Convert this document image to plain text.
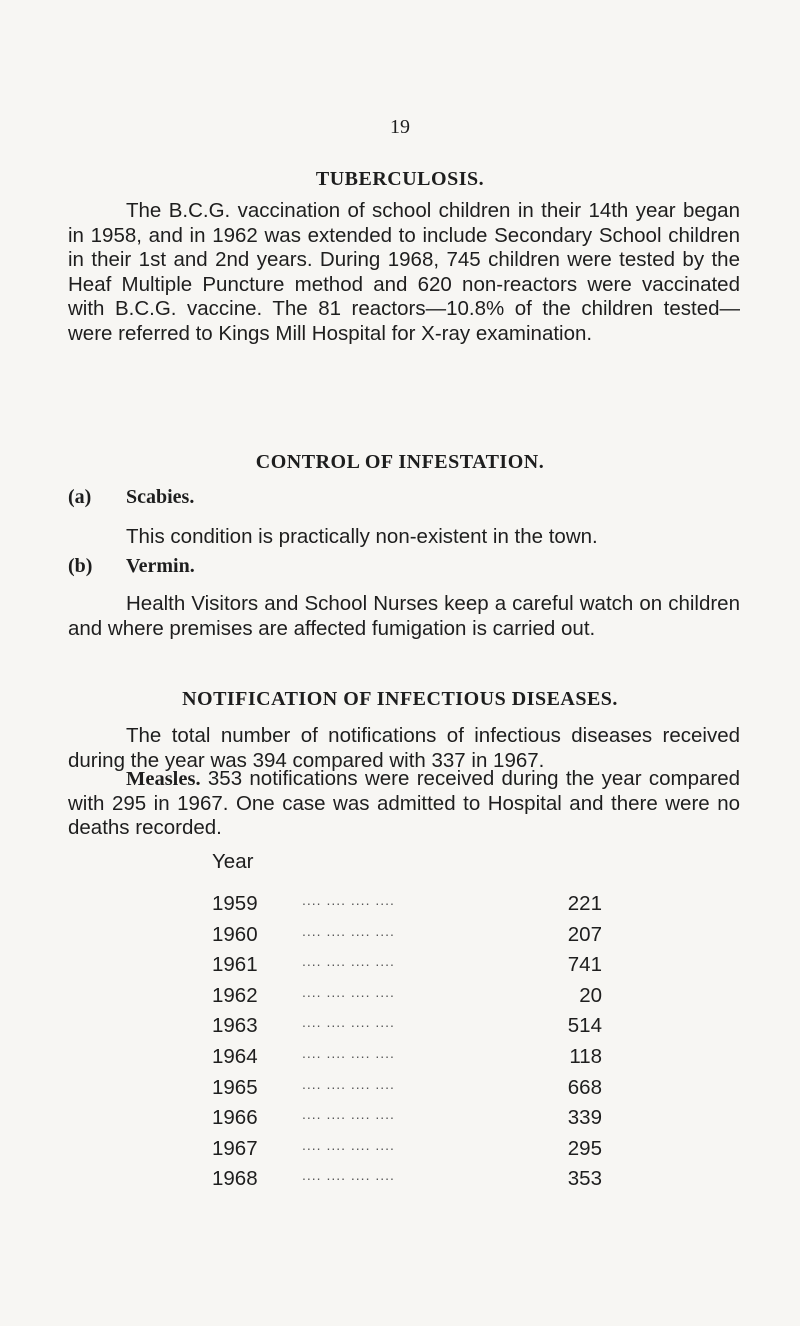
19
TUBERCULOSIS.

The B.C.G. vaccination of school children in their 14th year began in 1958, and in 1962 was extended to include Secondary School children in their 1st and 2nd years. During 1968, 745 children were tested by the Heaf Multiple Puncture method and 620 non-reactors were vaccinated with B.C.G. vaccine. The 81 reactors—10.8% of the children tested—were referred to Kings Mill Hospital for X-ray examination.

CONTROL OF INFESTATION.
(a) Scabies.

This condition is practically non-existent in the town.

(b) Vermin.

Health Visitors and School Nurses keep a careful watch on children and where premises are affected fumigation is carried out.

NOTIFICATION OF INFECTIOUS DISEASES.

The total number of notifications of infectious diseases received during the year was 394 compared with 337 in 1967.

Measles. 353 notifications were received during the year compared with 295 in 1967. One case was admitted to Hospital and there were no deaths recorded.

Year
1959	.... .... .... ....	221
1960	.... .... .... ....	207
1961	.... .... .... ....	741
1962	.... .... .... ....	20
1963	.... .... .... ....	514
1964	.... .... .... ....	118
1965	.... .... .... ....	668
1966	.... .... .... ....	339
1967	.... .... .... ....	295
1968	.... .... .... ....	353
